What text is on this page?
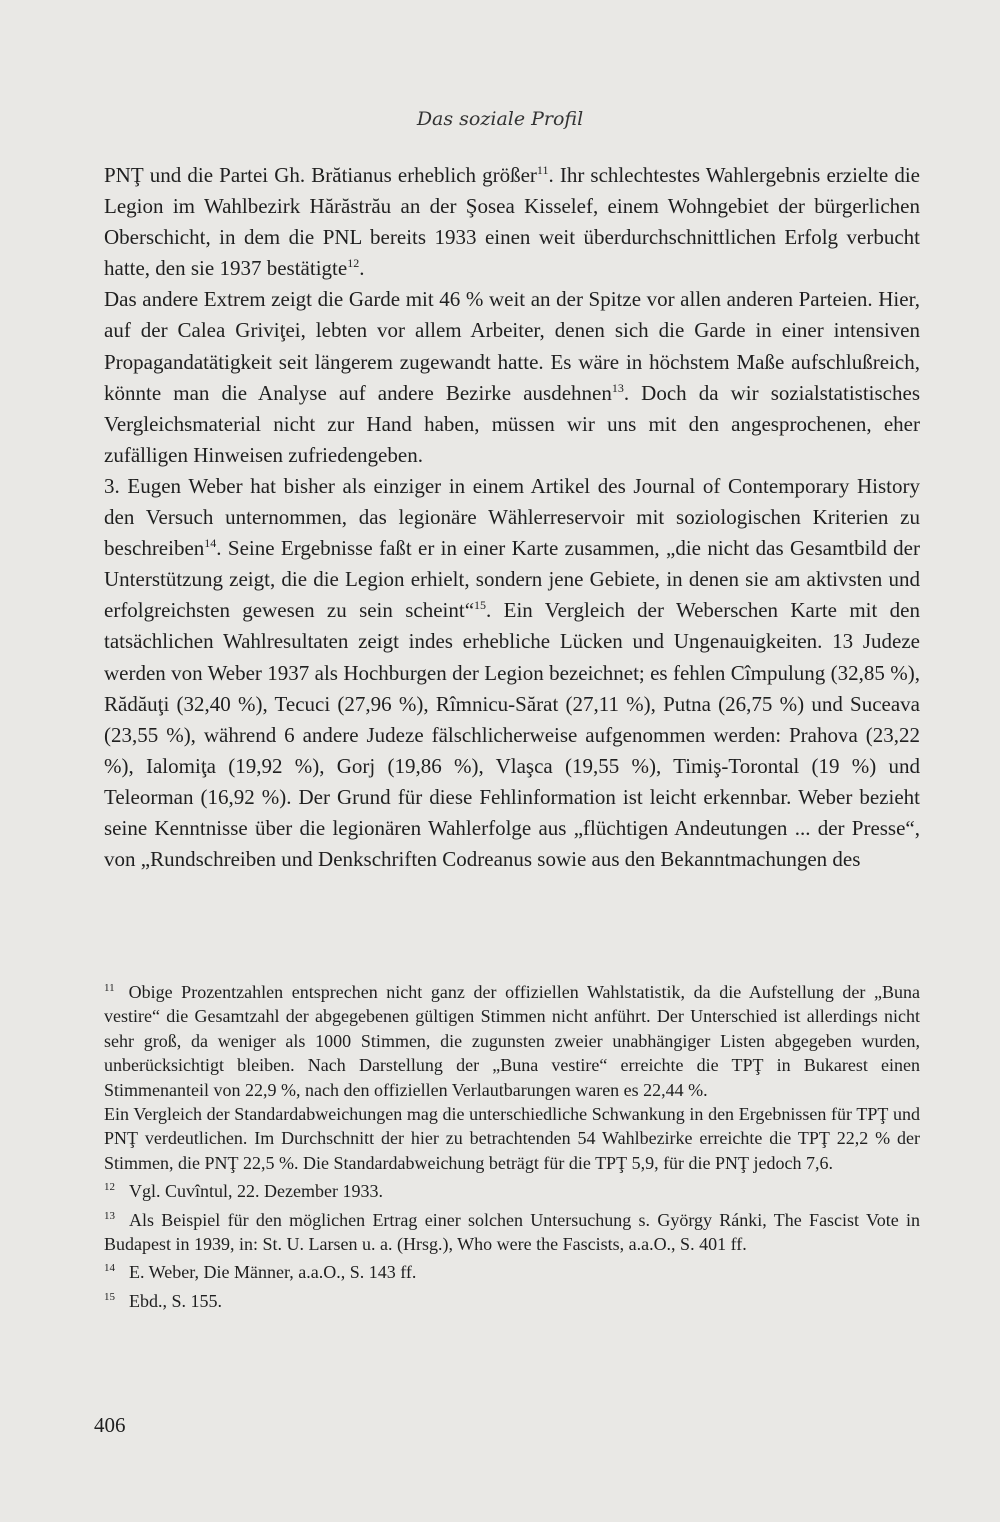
Das soziale Profil

PNŢ und die Partei Gh. Brătianus erheblich größer$^{11}$. Ihr schlechtestes Wahlergebnis erzielte die Legion im Wahlbezirk Hărăstrău an der Şosea Kisselef, einem Wohngebiet der bürgerlichen Oberschicht, in dem die PNL bereits 1933 einen weit überdurchschnittlichen Erfolg verbucht hatte, den sie 1937 bestätigte$^{12}$.

Das andere Extrem zeigt die Garde mit 46 % weit an der Spitze vor allen anderen Parteien. Hier, auf der Calea Griviţei, lebten vor allem Arbeiter, denen sich die Garde in einer intensiven Propagandatätigkeit seit längerem zugewandt hatte. Es wäre in höchstem Maße aufschlußreich, könnte man die Analyse auf andere Bezirke ausdehnen$^{13}$. Doch da wir sozialstatistisches Vergleichsmaterial nicht zur Hand haben, müssen wir uns mit den angesprochenen, eher zufälligen Hinweisen zufriedengeben.

3. Eugen Weber hat bisher als einziger in einem Artikel des Journal of Contemporary History den Versuch unternommen, das legionäre Wählerreservoir mit soziologischen Kriterien zu beschreiben$^{14}$. Seine Ergebnisse faßt er in einer Karte zusammen, „die nicht das Gesamtbild der Unterstützung zeigt, die die Legion erhielt, sondern jene Gebiete, in denen sie am aktivsten und erfolgreichsten gewesen zu sein scheint“$^{15}$. Ein Vergleich der Weberschen Karte mit den tatsächlichen Wahlresultaten zeigt indes erhebliche Lücken und Ungenauigkeiten. 13 Judeze werden von Weber 1937 als Hochburgen der Legion bezeichnet; es fehlen Cîmpulung (32,85 %), Rădăuţi (32,40 %), Tecuci (27,96 %), Rîmnicu-Sărat (27,11 %), Putna (26,75 %) und Suceava (23,55 %), während 6 andere Judeze fälschlicherweise aufgenommen werden: Prahova (23,22 %), Ialomiţa (19,92 %), Gorj (19,86 %), Vlaşca (19,55 %), Timiş-Torontal (19 %) und Teleorman (16,92 %). Der Grund für diese Fehlinformation ist leicht erkennbar. Weber bezieht seine Kenntnisse über die legionären Wahlerfolge aus „flüchtigen Andeutungen ... der Presse“, von „Rundschreiben und Denkschriften Codreanus sowie aus den Bekanntmachungen des

$^{11}$ Obige Prozentzahlen entsprechen nicht ganz der offiziellen Wahlstatistik, da die Aufstellung der „Buna vestire“ die Gesamtzahl der abgegebenen gültigen Stimmen nicht anführt. Der Unterschied ist allerdings nicht sehr groß, da weniger als 1000 Stimmen, die zugunsten zweier unabhängiger Listen abgegeben wurden, unberücksichtigt bleiben. Nach Darstellung der „Buna vestire“ erreichte die TPŢ in Bukarest einen Stimmenanteil von 22,9 %, nach den offiziellen Verlautbarungen waren es 22,44 %.

Ein Vergleich der Standardabweichungen mag die unterschiedliche Schwankung in den Ergebnissen für TPŢ und PNŢ verdeutlichen. Im Durchschnitt der hier zu betrachtenden 54 Wahlbezirke erreichte die TPŢ 22,2 % der Stimmen, die PNŢ 22,5 %. Die Standardabweichung beträgt für die TPŢ 5,9, für die PNŢ jedoch 7,6.

$^{12}$ Vgl. Cuvîntul, 22. Dezember 1933.

$^{13}$ Als Beispiel für den möglichen Ertrag einer solchen Untersuchung s. György Ránki, The Fascist Vote in Budapest in 1939, in: St. U. Larsen u. a. (Hrsg.), Who were the Fascists, a.a.O., S. 401 ff.

$^{14}$ E. Weber, Die Männer, a.a.O., S. 143 ff.

$^{15}$ Ebd., S. 155.

406
